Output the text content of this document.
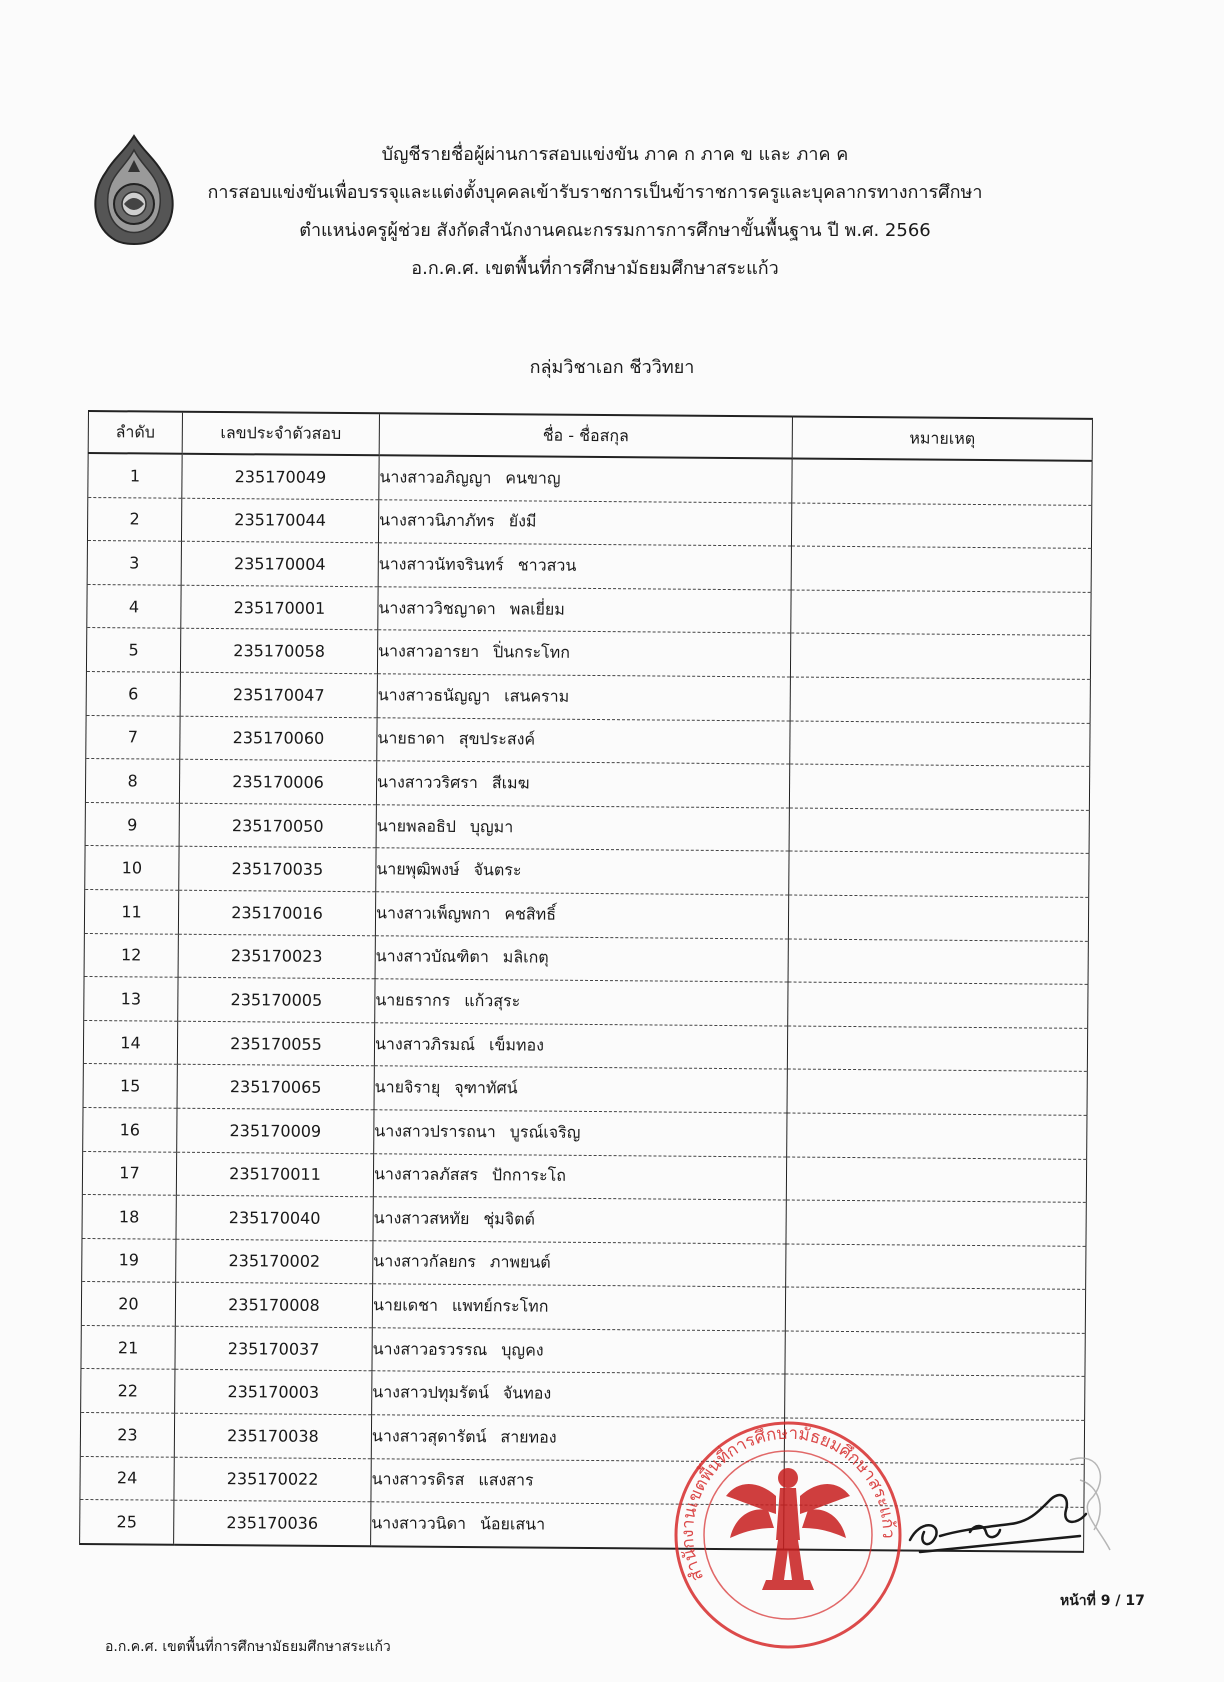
บัญชีรายชื่อผู้ผ่านการสอบแข่งขัน ภาค ก ภาค ข และ ภาค ค
การสอบแข่งขันเพื่อบรรจุและแต่งตั้งบุคคลเข้ารับราชการเป็นข้าราชการครูและบุคลากรทางการศึกษา
ตำแหน่งครูผู้ช่วย สังกัดสำนักงานคณะกรรมการการศึกษาขั้นพื้นฐาน ปี พ.ศ. 2566
อ.ก.ค.ศ. เขตพื้นที่การศึกษามัธยมศึกษาสระแก้ว
กลุ่มวิชาเอก ชีววิทยา
ลำดับ	เลขประจำตัวสอบ	ชื่อ - ชื่อสกุล	หมายเหตุ
1	235170049	นางสาวอภิญญา คนขาญ	
2	235170044	นางสาวนิภาภัทร ยังมี	
3	235170004	นางสาวนัทจรินทร์ ชาวสวน	
4	235170001	นางสาววิชญาดา พลเยี่ยม	
5	235170058	นางสาวอารยา ปิ่นกระโทก	
6	235170047	นางสาวธนัญญา เสนคราม	
7	235170060	นายธาดา สุขประสงค์	
8	235170006	นางสาววริศรา สีเมฆ	
9	235170050	นายพลอธิป บุญมา	
10	235170035	นายพุฒิพงษ์ จันตระ	
11	235170016	นางสาวเพ็ญพกา คชสิทธิ์	
12	235170023	นางสาวบัณฑิตา มลิเกตุ	
13	235170005	นายธรากร แก้วสุระ	
14	235170055	นางสาวภิรมณ์ เข็มทอง	
15	235170065	นายจิรายุ จุฑาทัศน์	
16	235170009	นางสาวปรารถนา บูรณ์เจริญ	
17	235170011	นางสาวลภัสสร ปักการะโถ	
18	235170040	นางสาวสหทัย ชุ่มจิตต์	
19	235170002	นางสาวกัลยกร ภาพยนต์	
20	235170008	นายเดชา แพทย์กระโทก	
21	235170037	นางสาวอรวรรณ บุญคง	
22	235170003	นางสาวปทุมรัตน์ จันทอง	
23	235170038	นางสาวสุดารัตน์ สายทอง	
24	235170022	นางสาวรดิรส แสงสาร	
25	235170036	นางสาววนิดา น้อยเสนา	
สำนักงานเขตพื้นที่การศึกษามัธยมศึกษาสระแก้ว
หน้าที่ 9 / 17
อ.ก.ค.ศ. เขตพื้นที่การศึกษามัธยมศึกษาสระแก้ว
